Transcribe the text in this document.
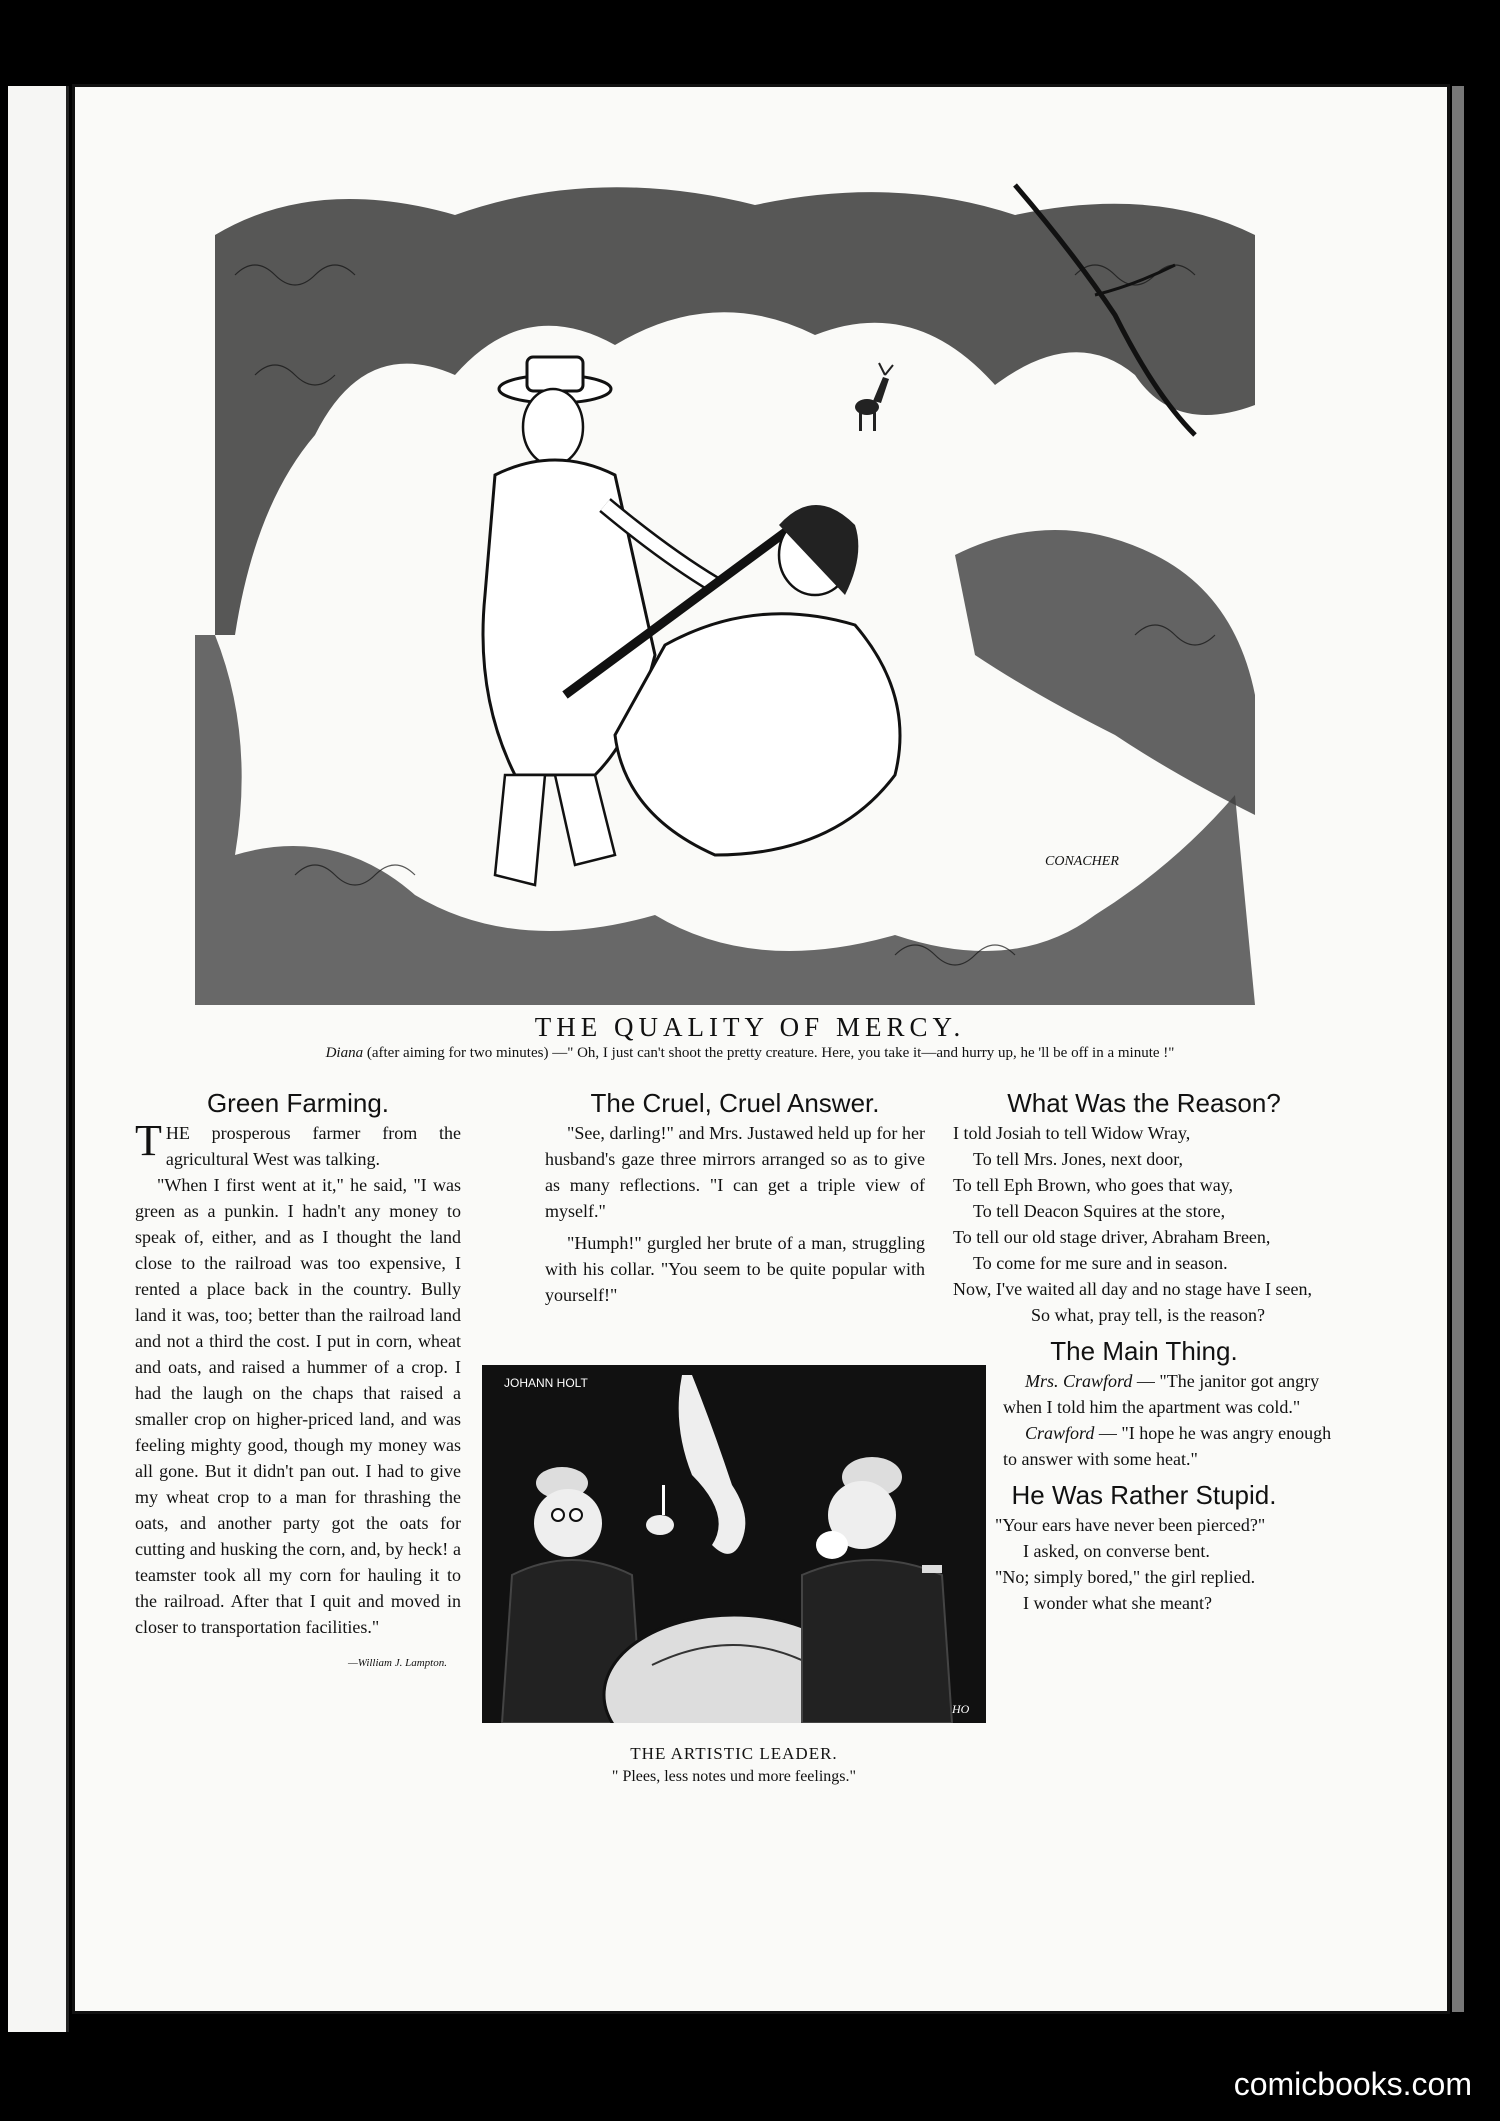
CONACHER
THE QUALITY OF MERCY.
Diana (after aiming for two minutes) —" Oh, I just can't shoot the pretty creature. Here, you take it—and hurry up, he 'll be off in a minute !"
Green Farming.

THE prosperous farmer from the agricultural West was talking.

"When I first went at it," he said, "I was green as a punkin. I hadn't any money to speak of, either, and as I thought the land close to the railroad was too expensive, I rented a place back in the country. Bully land it was, too; better than the railroad land and not a third the cost. I put in corn, wheat and oats, and raised a hummer of a crop. I had the laugh on the chaps that raised a smaller crop on higher-priced land, and was feeling mighty good, though my money was all gone. But it didn't pan out. I had to give my wheat crop to a man for thrashing the oats, and another party got the oats for cutting and husking the corn, and, by heck! a teamster took all my corn for hauling it to the railroad. After that I quit and moved in closer to transportation facilities."

—William J. Lampton.
The Cruel, Cruel Answer.

"See, darling!" and Mrs. Justawed held up for her husband's gaze three mirrors arranged so as to give as many reflections. "I can get a triple view of myself."

"Humph!" gurgled her brute of a man, struggling with his collar. "You seem to be quite popular with yourself!"

JOHANN HOLT
HO
THE ARTISTIC LEADER.
" Plees, less notes und more feelings."
What Was the Reason?

I told Josiah to tell Widow Wray,

To tell Mrs. Jones, next door,

To tell Eph Brown, who goes that way,

To tell Deacon Squires at the store,

To tell our old stage driver, Abraham Breen,

To come for me sure and in season.

Now, I've waited all day and no stage have I seen,

So what, pray tell, is the reason?

The Main Thing.

Mrs. Crawford — "The janitor got angry when I told him the apartment was cold."

Crawford — "I hope he was angry enough to answer with some heat."

He Was Rather Stupid.

"Your ears have never been pierced?"

I asked, on converse bent.

"No; simply bored," the girl replied.

I wonder what she meant?

comicbooks.com
